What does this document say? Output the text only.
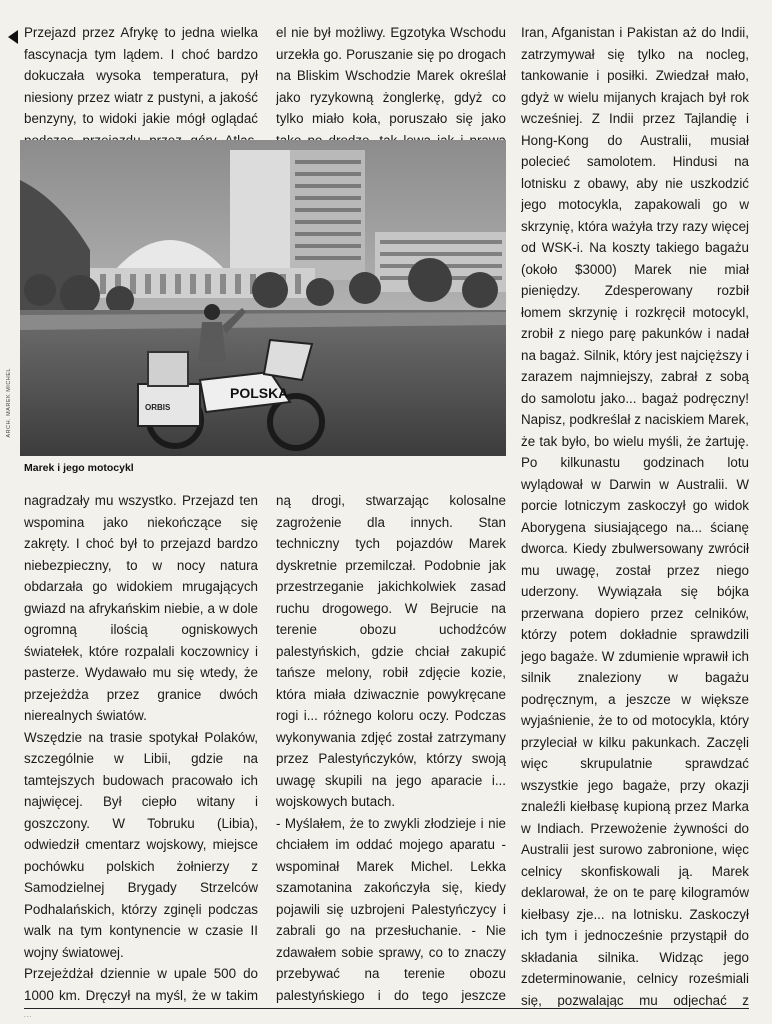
Przejazd przez Afrykę to jedna wielka fascynacja tym lądem. I choć bardzo dokuczała wysoka temperatura, pył niesiony przez wiatr z pustyni, a jakość benzyny, to widoki jakie mógł oglądać

el nie był możliwy. Egzotyka Wschodu urzekła go. Poruszanie się po drogach na Bliskim Wschodzie Marek określał jako ryzykowną żonglerkę, gdyż co tylko miało koła, poruszało się jako

POLSKA
ORBIS
ARCH. MAREK MICHEL
Marek i jego motocykl

nagradzały mu wszystko. Przejazd ten wspomina jako niekończące się zakręty. I choć był to przejazd bardzo niebezpieczny, to w nocy natura obdarzała go widokiem mrugających gwiazd na afrykańskim niebie, a w dole ogromną ilością ogniskowych światełek, które rozpalali koczownicy i pasterze. Wydawało mu się wtedy, że przejeżdża przez granice dwóch nierealnych światów.

Wszędzie na trasie spotykał Polaków, szczególnie w Libii, gdzie na tamtejszych budowach pracowało ich najwięcej. Był ciepło witany i goszczony. W Tobruku (Libia), odwiedził cmentarz wojskowy, miejsce pochówku polskich żołnierzy z Samodzielnej Brygady Strzelców Podhalańskich, którzy zginęli podczas walk na tym kontynencie w czasie II wojny światowej.

Przejeżdżał dziennie w upale 500 do 1000 km. Dręczył na myśl, że w takim

ną drogi, stwarzając kolosalne zagrożenie dla innych. Stan techniczny tych pojazdów Marek dyskretnie przemilczał. Podobnie jak przestrzeganie jakichkolwiek zasad ruchu drogowego. W Bejrucie na terenie obozu uchodźców palestyńskich, gdzie chciał zakupić tańsze melony, robił zdjęcie kozie, która miała dziwacznie powykręcane rogi i... różnego koloru oczy. Podczas wykonywania zdjęć został zatrzymany przez Palestyńczyków, którzy swoją uwagę skupili na jego aparacie i... wojskowych butach.

- Myślałem, że to zwykli złodzieje i nie chciałem im oddać mojego aparatu - wspominał Marek Michel. Lekka szamotanina zakończyła się, kiedy pojawili się uzbrojeni Palestyńczycy i zabrali go na przesłuchanie. - Nie zdawałem sobie sprawy, co to znaczy przebywać na terenie obozu palestyńskiego i do tego jeszcze

Iran, Afganistan i Pakistan aż do Indii, zatrzymywał się tylko na nocleg, tankowanie i posiłki. Zwiedzał mało, gdyż w wielu mijanych krajach był rok wcześniej. Z Indii przez Tajlandię i Hong-Kong do Australii, musiał polecieć samolotem. Hindusi na lotnisku z obawy, aby nie uszkodzić jego motocykla, zapakowali go w skrzynię, która ważyła trzy razy więcej od WSK-i. Na koszty takiego bagażu (około $3000) Marek nie miał pieniędzy. Zdesperowany rozbił łomem skrzynię i rozkręcił motocykl, zrobił z niego parę pakunków i nadał na bagaż. Silnik, który jest najcięższy i zarazem najmniejszy, zabrał z sobą do samolotu jako... bagaż podręczny! Napisz, podkreślał z naciskiem Marek, że tak było, bo wielu myśli, że żartuję. Po kilkunastu godzinach lotu wylądował w Darwin w Australii. W porcie lotniczym zaskoczył go widok Aborygena siusiającego na... ścianę dworca. Kiedy zbulwersowany zwrócił mu uwagę, został przez niego uderzony. Wywiązała się bójka przerwana dopiero przez celników, którzy potem dokładnie sprawdzili jego bagaże. W zdumienie wprawił ich silnik znaleziony w bagażu podręcznym, a jeszcze w większe wyjaśnienie, że to od motocykla, który przyleciał w kilku pakunkach. Zaczęli więc skrupulatnie sprawdzać wszystkie jego bagaże, przy okazji znaleźli kiełbasę kupioną przez Marka w Indiach. Przewożenie żywności do Australii jest surowo zabronione, więc celnicy skonfiskowali ją. Marek deklarował, że on te parę kilogramów kiełbasy zje... na lotnisku. Zaskoczył ich tym i jednocześnie przystąpił do składania silnika. Widząc jego zdeterminowanie, celnicy roześmiali się, pozwalając mu odjechać z

...
